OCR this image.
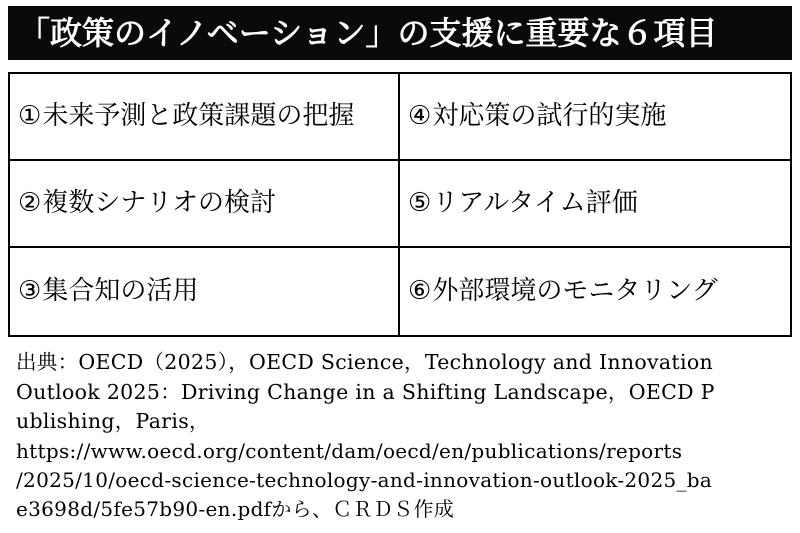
「政策のイノベーション」の支援に重要な６項目
① 未来予測と政策課題の把握 ④ 対応策の試行的実施
② 複数シナリオの検討	⑤ リアルタイム評価
③ 集合知の活用	⑥ 外部環境のモニタリング
出典：OECD（2025），OECD Science，Technology and Innovation
Outlook 2025：Driving Change in a Shifting Landscape，OECD P
ublishing，Paris，
https://www.oecd.org/content/dam/oecd/en/publications/reports
/2025/10/oecd-science-technology-and-innovation-outlook-2025_ba
e3698d/5fe57b90-en.pdfから、ＣＲＤＳ作成
